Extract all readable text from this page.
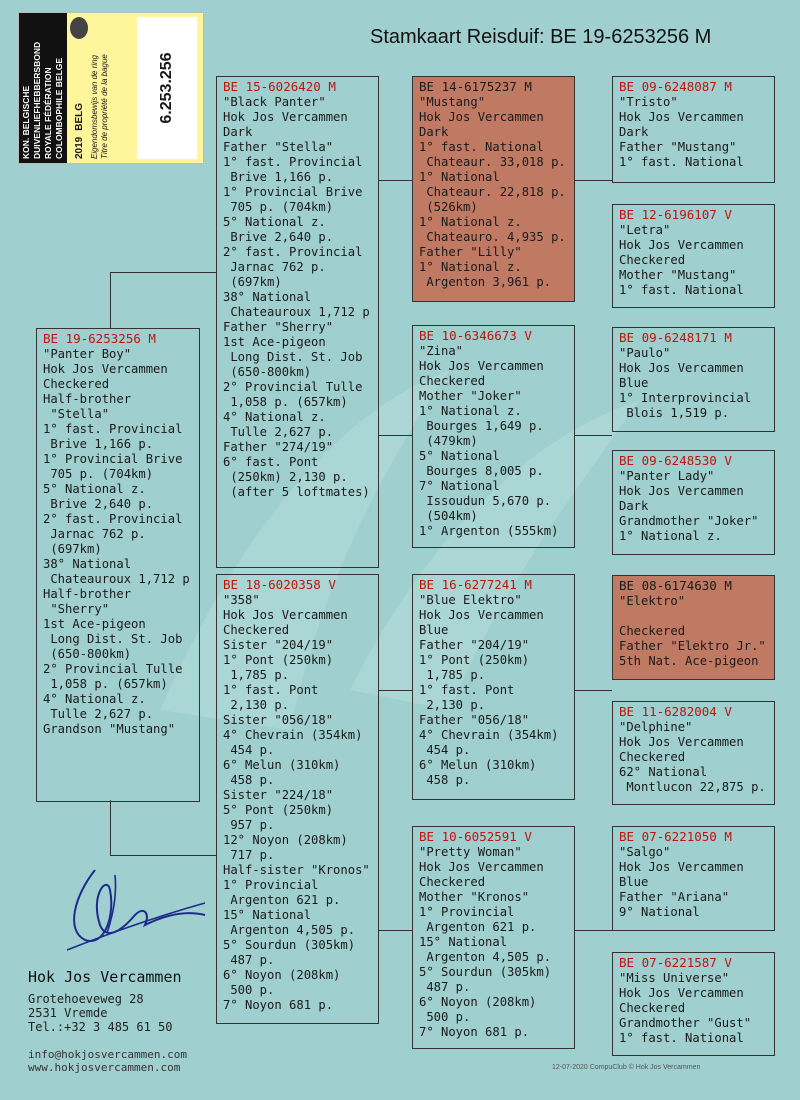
Stamkaart Reisduif: BE 19-6253256 M
KON. BELGISCHE DUIVENLIEFHEBBERSBOND ROYALE FÉDÉRATION COLOMBOPHILE BELGE 2019
BELG Eigendomsbewijs van de ring Titre de propriété de la bague	6.253.256
BE 19-6253256 M
"Panter Boy"
Hok Jos Vercammen
Checkered
Half-brother
"Stella"
1° fast. Provincial
Brive 1,166 p.
1° Provincial Brive
705 p. (704km)
5° National z.
Brive 2,640 p.
2° fast. Provincial
Jarnac 762 p.
(697km)
38° National
Chateauroux 1,712 p
Half-brother
"Sherry"
1st Ace-pigeon
Long Dist. St. Job
(650-800km)
2° Provincial Tulle
1,058 p. (657km)
4° National z.
Tulle 2,627 p.
Grandson "Mustang"
BE 15-6026420 M
"Black Panter"
Hok Jos Vercammen
Dark
Father "Stella"
1° fast. Provincial
Brive 1,166 p.
1° Provincial Brive
705 p. (704km)
5° National z.
Brive 2,640 p.
2° fast. Provincial
Jarnac 762 p.
(697km)
38° National
Chateauroux 1,712 p
Father "Sherry"
1st Ace-pigeon
Long Dist. St. Job
(650-800km)
2° Provincial Tulle
1,058 p. (657km)
4° National z.
Tulle 2,627 p.
Father "274/19"
6° fast. Pont
(250km) 2,130 p.
(after 5 loftmates)
BE 18-6020358 V
"358"
Hok Jos Vercammen
Checkered
Sister "204/19"
1° Pont (250km)
1,785 p.
1° fast. Pont
2,130 p.
Sister "056/18"
4° Chevrain (354km)
454 p.
6° Melun (310km)
458 p.
Sister "224/18"
5° Pont (250km)
957 p.
12° Noyon (208km)
717 p.
Half-sister "Kronos"
1° Provincial
Argenton 621 p.
15° National
Argenton 4,505 p.
5° Sourdun (305km)
487 p.
6° Noyon (208km)
500 p.
7° Noyon 681 p.
BE 14-6175237 M
"Mustang"
Hok Jos Vercammen
Dark
1° fast. National
Chateaur. 33,018 p.
1° National
Chateaur. 22,818 p.
(526km)
1° National z.
Chateauro. 4,935 p.
Father "Lilly"
1° National z.
Argenton 3,961 p.
BE 10-6346673 V
"Zina"
Hok Jos Vercammen
Checkered
Mother "Joker"
1° National z.
Bourges 1,649 p.
(479km)
5° National
Bourges 8,005 p.
7° National
Issoudun 5,670 p.
(504km)
1° Argenton (555km)
BE 16-6277241 M
"Blue Elektro"
Hok Jos Vercammen
Blue
Father "204/19"
1° Pont (250km)
1,785 p.
1° fast. Pont
2,130 p.
Father "056/18"
4° Chevrain (354km)
454 p.
6° Melun (310km)
458 p.
BE 10-6052591 V
"Pretty Woman"
Hok Jos Vercammen
Checkered
Mother "Kronos"
1° Provincial
Argenton 621 p.
15° National
Argenton 4,505 p.
5° Sourdun (305km)
487 p.
6° Noyon (208km)
500 p.
7° Noyon 681 p.
BE 09-6248087 M
"Tristo"
Hok Jos Vercammen
Dark
Father "Mustang"
1° fast. National
BE 12-6196107 V
"Letra"
Hok Jos Vercammen
Checkered
Mother "Mustang"
1° fast. National
BE 09-6248171 M
"Paulo"
Hok Jos Vercammen
Blue
1° Interprovincial
Blois 1,519 p.
BE 09-6248530 V
"Panter Lady"
Hok Jos Vercammen
Dark
Grandmother "Joker"
1° National z.
BE 08-6174630 M
"Elektro"

Checkered
Father "Elektro Jr."
5th Nat. Ace-pigeon
BE 11-6282004 V
"Delphine"
Hok Jos Vercammen
Checkered
62° National
Montlucon 22,875 p.
BE 07-6221050 M
"Salgo"
Hok Jos Vercammen
Blue
Father "Ariana"
9° National
BE 07-6221587 V
"Miss Universe"
Hok Jos Vercammen
Checkered
Grandmother "Gust"
1° fast. National
Hok Jos Vercammen
Grotehoeveweg 28
2531 Vremde
Tel.:+32 3 485 61 50
info@hokjosvercammen.com
www.hokjosvercammen.com	12-07-2020 CompuClub © Hok Jos Vercammen
